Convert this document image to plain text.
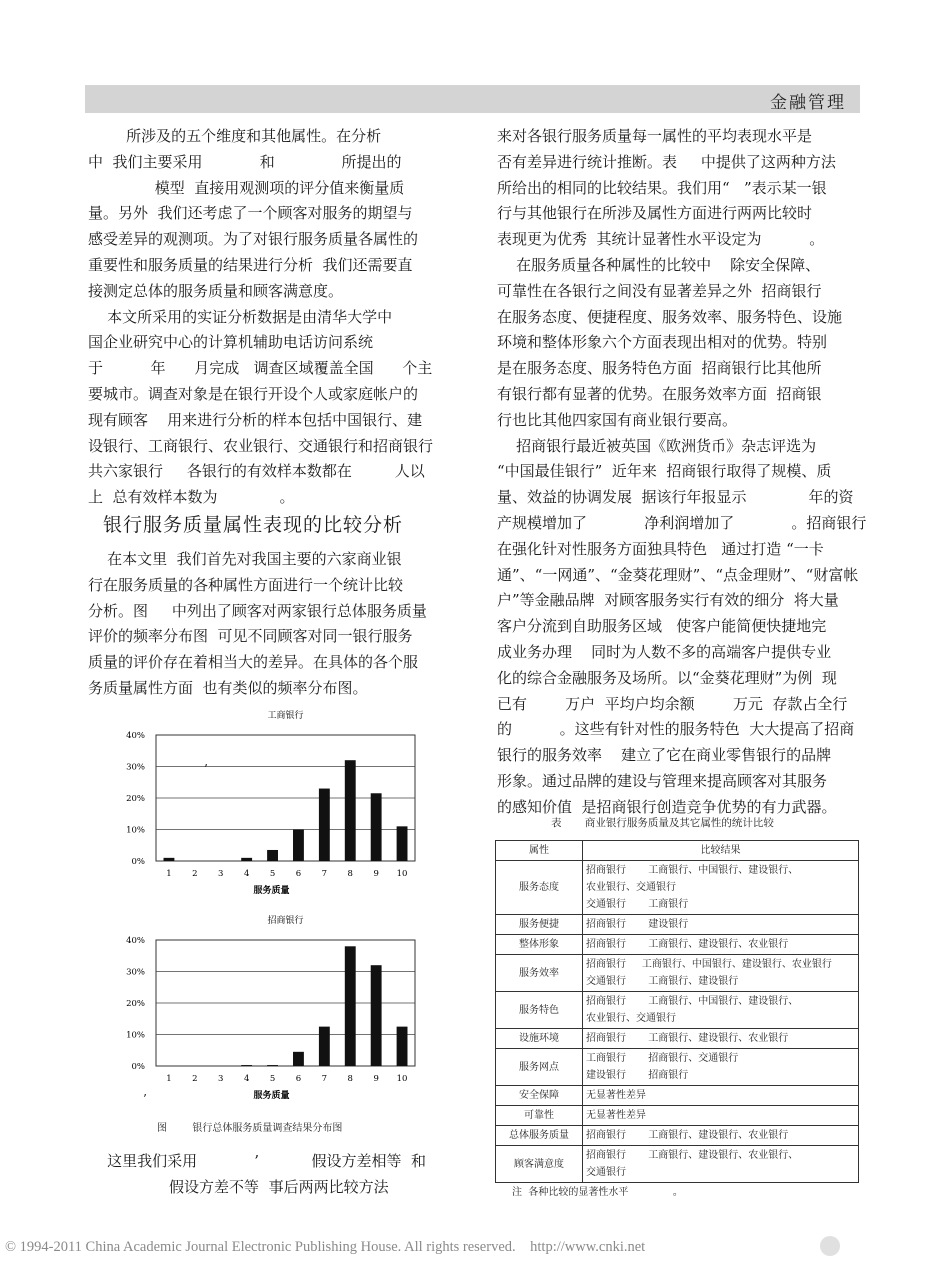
金融管理

所涉及的五个维度和其他属性。在分析

中  我们主要采用            和              所提出的

模型  直接用观测项的评分值来衡量质

量。另外  我们还考虑了一个顾客对服务的期望与

感受差异的观测项。为了对银行服务质量各属性的

重要性和服务质量的结果进行分析  我们还需要直

接测定总体的服务质量和顾客满意度。

本文所采用的实证分析数据是由清华大学中

国企业研究中心的计算机辅助电话访问系统

于          年      月完成   调查区域覆盖全国      个主

要城市。调查对象是在银行开设个人或家庭帐户的

现有顾客    用来进行分析的样本包括中国银行、建

设银行、工商银行、农业银行、交通银行和招商银行

共六家银行     各银行的有效样本数都在         人以

上  总有效样本数为             。

银行服务质量属性表现的比较分析

在本文里  我们首先对我国主要的六家商业银

行在服务质量的各种属性方面进行一个统计比较

分析。图     中列出了顾客对两家银行总体服务质量

评价的频率分布图  可见不同顾客对同一银行服务

质量的评价存在着相当大的差异。在具体的各个服

务质量属性方面  也有类似的频率分布图。

工商银行
0%
10%
20%
30%
40%
1 2 3 4 5 6 7 8 9 10
服务质量
’
招商银行
0%
10%
20%
30%
40%
1 2 3 4 5 6 7 8 9 10
服务质量
’
图        银行总体服务质量调查结果分布图

这里我们采用            ’           假设方差相等  和

假设方差不等  事后两两比较方法

来对各银行服务质量每一属性的平均表现水平是

否有差异进行统计推断。表     中提供了这两种方法

所给出的相同的比较结果。我们用“   ”表示某一银

行与其他银行在所涉及属性方面进行两两比较时

表现更为优秀  其统计显著性水平设定为          。

在服务质量各种属性的比较中    除安全保障、

可靠性在各银行之间没有显著差异之外  招商银行

在服务态度、便捷程度、服务效率、服务特色、设施

环境和整体形象六个方面表现出相对的优势。特别

是在服务态度、服务特色方面  招商银行比其他所

有银行都有显著的优势。在服务效率方面  招商银

行也比其他四家国有商业银行要高。

招商银行最近被英国《欧洲货币》杂志评选为

“中国最佳银行”  近年来  招商银行取得了规模、质

量、效益的协调发展  据该行年报显示             年的资

产规模增加了            净利润增加了            。招商银行

在强化针对性服务方面独具特色   通过打造 “一卡

通”、“一网通”、“金葵花理财”、“点金理财”、“财富帐

户”等金融品牌  对顾客服务实行有效的细分  将大量

客户分流到自助服务区域   使客户能简便快捷地完

成业务办理    同时为人数不多的高端客户提供专业

化的综合金融服务及场所。以“金葵花理财”为例  现

已有        万户  平均户均余额        万元  存款占全行

的          。这些有针对性的服务特色  大大提高了招商

银行的服务效率    建立了它在商业零售银行的品牌

形象。通过品牌的建设与管理来提高顾客对其服务

的感知价值  是招商银行创造竞争优势的有力武器。

表       商业银行服务质量及其它属性的统计比较
属性	比较结果
服务态度	招商银行       工商银行、中国银行、建设银行、

农业银行、交通银行

交通银行       工商银行

服务便捷	招商银行       建设银行

整体形象	招商银行       工商银行、建设银行、农业银行

服务效率	招商银行     工商银行、中国银行、建设银行、农业银行

交通银行       工商银行、建设银行

服务特色	招商银行       工商银行、中国银行、建设银行、

农业银行、交通银行

设施环境	招商银行       工商银行、建设银行、农业银行

服务网点	工商银行       招商银行、交通银行

建设银行       招商银行

安全保障	无显著性差异

可靠性	无显著性差异

总体服务质量	招商银行       工商银行、建设银行、农业银行

顾客满意度	招商银行       工商银行、建设银行、农业银行、

交通银行

注  各种比较的显著性水平              。
© 1994-2011 China Academic Journal Electronic Publishing House. All rights reserved.    http://www.cnki.net
